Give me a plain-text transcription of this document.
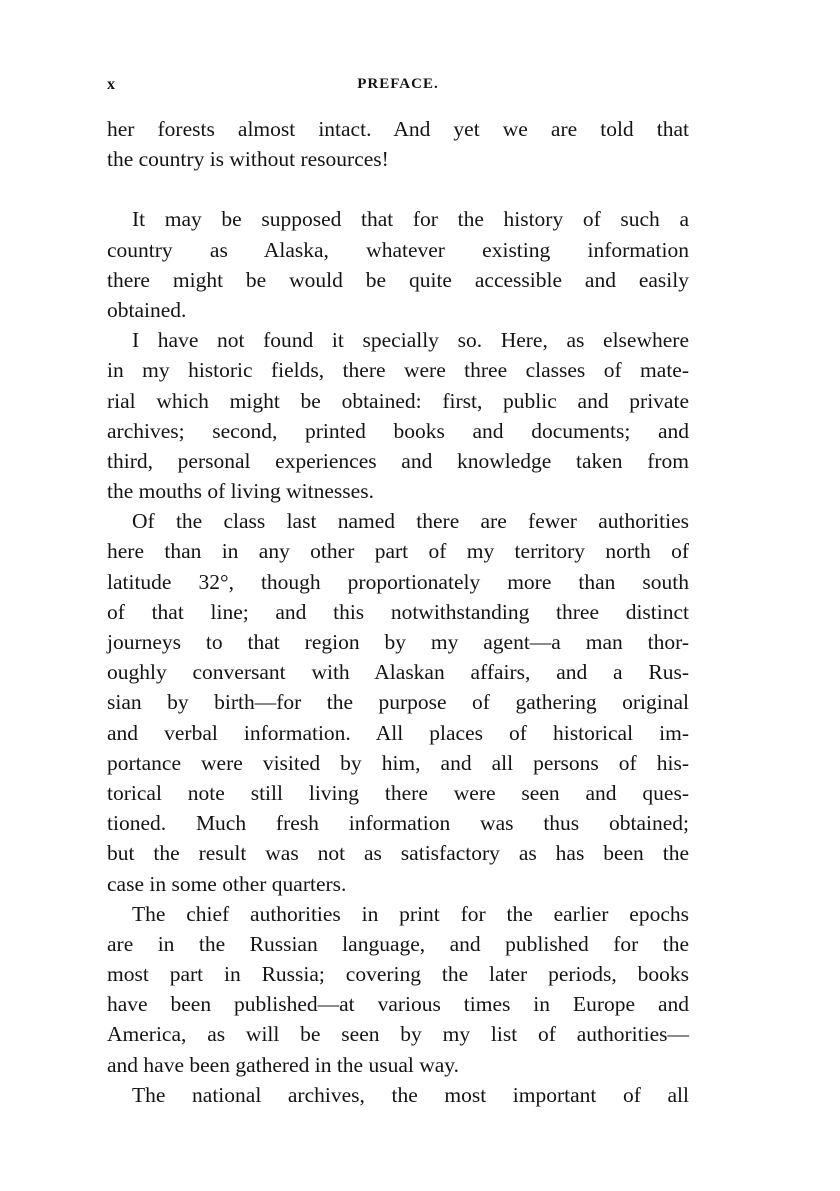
x	PREFACE.
her forests almost intact. And yet we are told that
the country is without resources!
It may be supposed that for the history of such a
country as Alaska, whatever existing information
there might be would be quite accessible and easily
obtained.
I have not found it specially so. Here, as elsewhere
in my historic fields, there were three classes of mate-
rial which might be obtained: first, public and private
archives; second, printed books and documents; and
third, personal experiences and knowledge taken from
the mouths of living witnesses.
Of the class last named there are fewer authorities
here than in any other part of my territory north of
latitude 32°, though proportionately more than south
of that line; and this notwithstanding three distinct
journeys to that region by my agent—a man thor-
oughly conversant with Alaskan affairs, and a Rus-
sian by birth—for the purpose of gathering original
and verbal information. All places of historical im-
portance were visited by him, and all persons of his-
torical note still living there were seen and ques-
tioned. Much fresh information was thus obtained;
but the result was not as satisfactory as has been the
case in some other quarters.
The chief authorities in print for the earlier epochs
are in the Russian language, and published for the
most part in Russia; covering the later periods, books
have been published—at various times in Europe and
America, as will be seen by my list of authorities—
and have been gathered in the usual way.
The national archives, the most important of all
